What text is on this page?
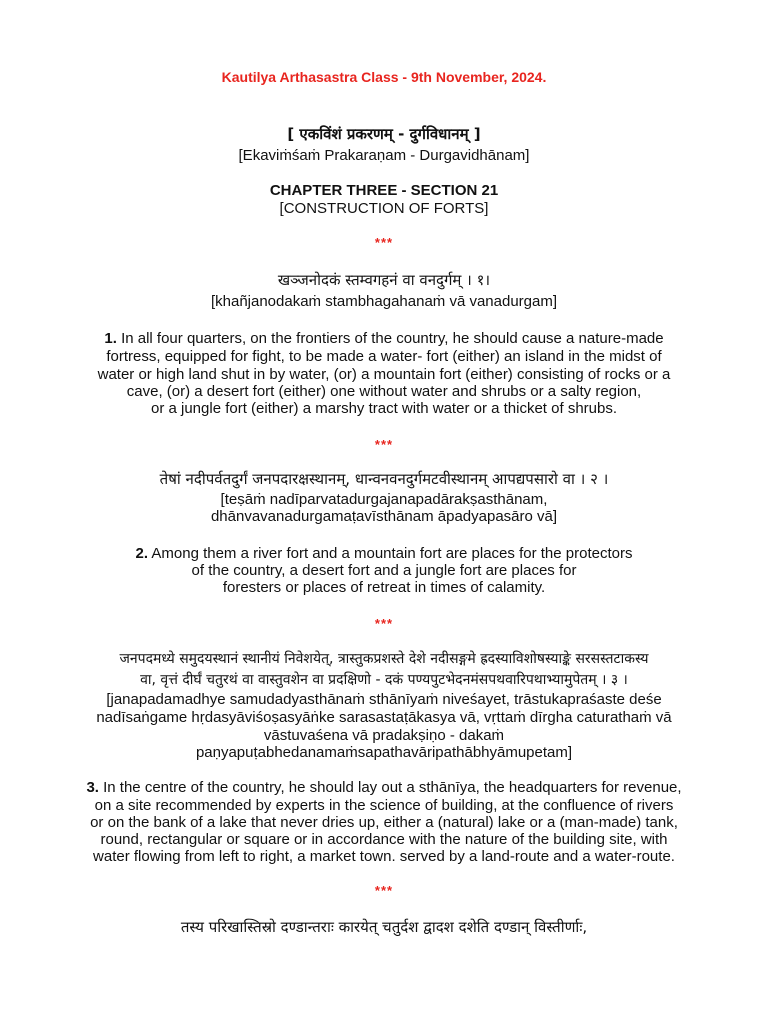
Kautilya Arthasastra Class - 9th November, 2024.
[ एकविंशं प्रकरणम् - दुर्गविधानम् ]
[Ekaviṁśaṁ Prakaraṇam - Durgavidhānam]
CHAPTER THREE - SECTION 21
[CONSTRUCTION OF FORTS]
***
खञ्जनोदकं स्तम्वगहनं वा वनदुर्गम् । १।
[khañjanodakaṁ stambhagahanaṁ vā vanadurgam]
1. In all four quarters, on the frontiers of the country, he should cause a nature-made
fortress, equipped for fight, to be made a water- fort (either) an island in the midst of
water or high land shut in by water, (or) a mountain fort (either) consisting of rocks or a
cave, (or) a desert fort (either) one without water and shrubs or a salty region,
or a jungle fort (either) a marshy tract with water or a thicket of shrubs.
***
तेषां नदीपर्वतदुर्गं जनपदारक्षस्थानम्, धान्वनवनदुर्गमटवीस्थानम् आपद्यपसारो वा । २ ।
[teṣāṁ nadīparvatadurgajanapadārakṣasthānam,
dhānvavanadurgamaṭavīsthānam āpadyapasāro vā]
2. Among them a river fort and a mountain fort are places for the protectors
of the country, a desert fort and a jungle fort are places for
foresters or places of retreat in times of calamity.
***
जनपदमध्ये समुदयस्थानं स्थानीयं निवेशयेत्, त्रास्तुकप्रशस्ते देशे नदीसङ्गमे ह्रदस्याविशोषस्याङ्के सरसस्तटाकस्य
वा, वृत्तं दीर्घं चतुरथं वा वास्तुवशेन वा प्रदक्षिणो - दकं पण्यपुटभेदनमंसपथवारिपथाभ्यामुपेतम् । ३ ।
[janapadamadhye samudadyasthānaṁ sthānīyaṁ niveśayet, trāstukapraśaste deśe
nadīsaṅgame hṛdasyāviśoṣasyāṅke sarasastaṭākasya vā, vṛttaṁ dīrgha caturathaṁ vā
vāstuvaśena vā pradakṣiṇo - dakaṁ
paṇyapuṭabhedanamaṁsapathavāripathābhyāmupetam]
3. In the centre of the country, he should lay out a sthānīya, the headquarters for revenue,
on a site recommended by experts in the science of building, at the confluence of rivers
or on the bank of a lake that never dries up, either a (natural) lake or a (man-made) tank,
round, rectangular or square or in accordance with the nature of the building site, with
water flowing from left to right, a market town. served by a land-route and a water-route.
***
तस्य परिखास्तिस्रो दण्डान्तराः कारयेत् चतुर्दश द्वादश दशेति दण्डान् विस्तीर्णाः,
